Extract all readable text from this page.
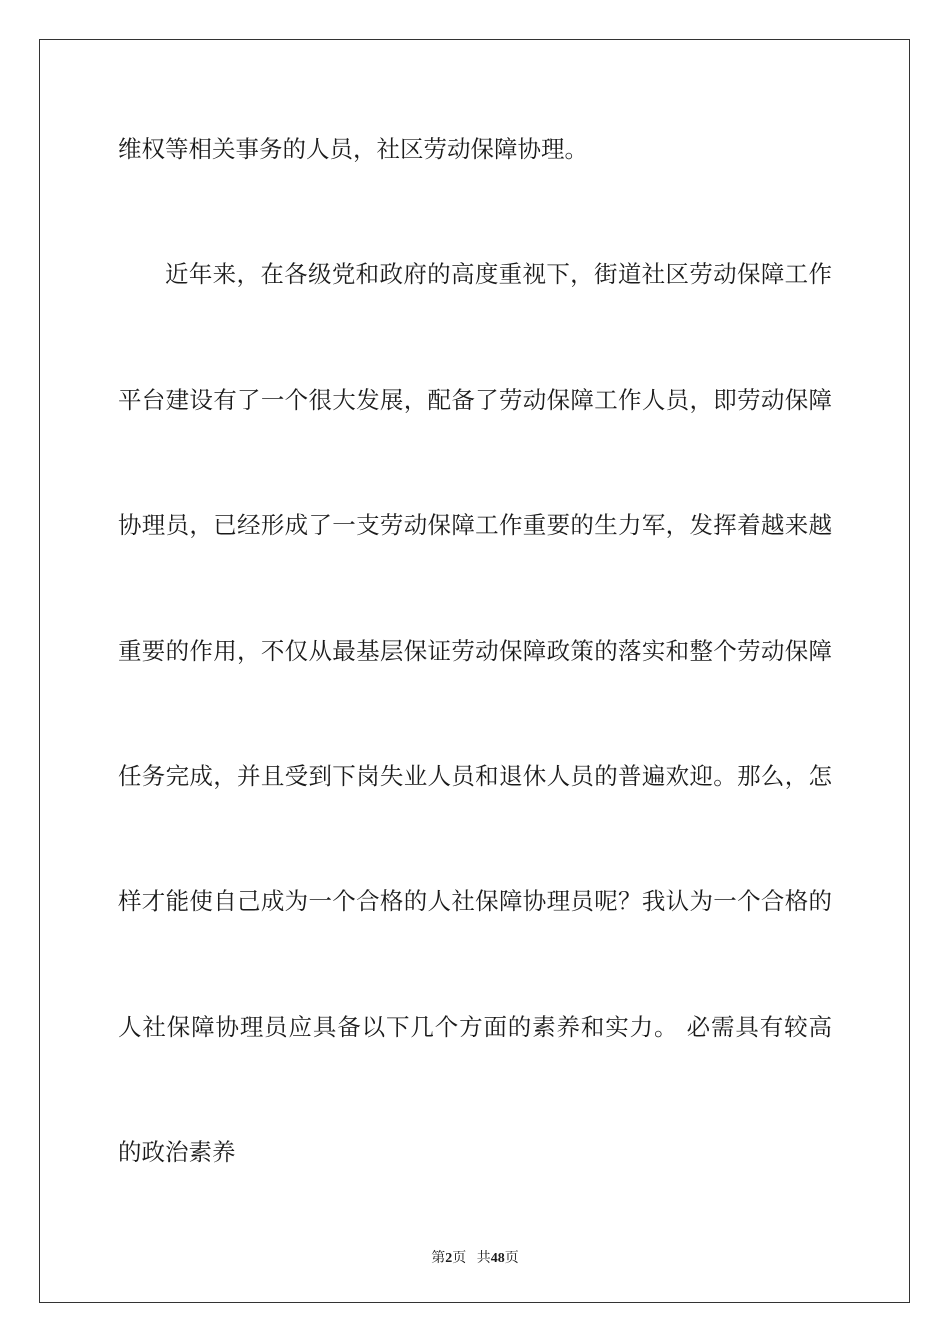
维权等相关事务的人员，社区劳动保障协理。

近年来，在各级党和政府的高度重视下，街道社区劳动保障工作

平台建设有了一个很大发展，配备了劳动保障工作人员，即劳动保障

协理员，已经形成了一支劳动保障工作重要的生力军，发挥着越来越

重要的作用，不仅从最基层保证劳动保障政策的落实和整个劳动保障

任务完成，并且受到下岗失业人员和退休人员的普遍欢迎。那么，怎

样才能使自己成为一个合格的人社保障协理员呢？我认为一个合格的

人社保障协理员应具备以下几个方面的素养和实力。 必需具有较高

的政治素养

第2页 共48页
